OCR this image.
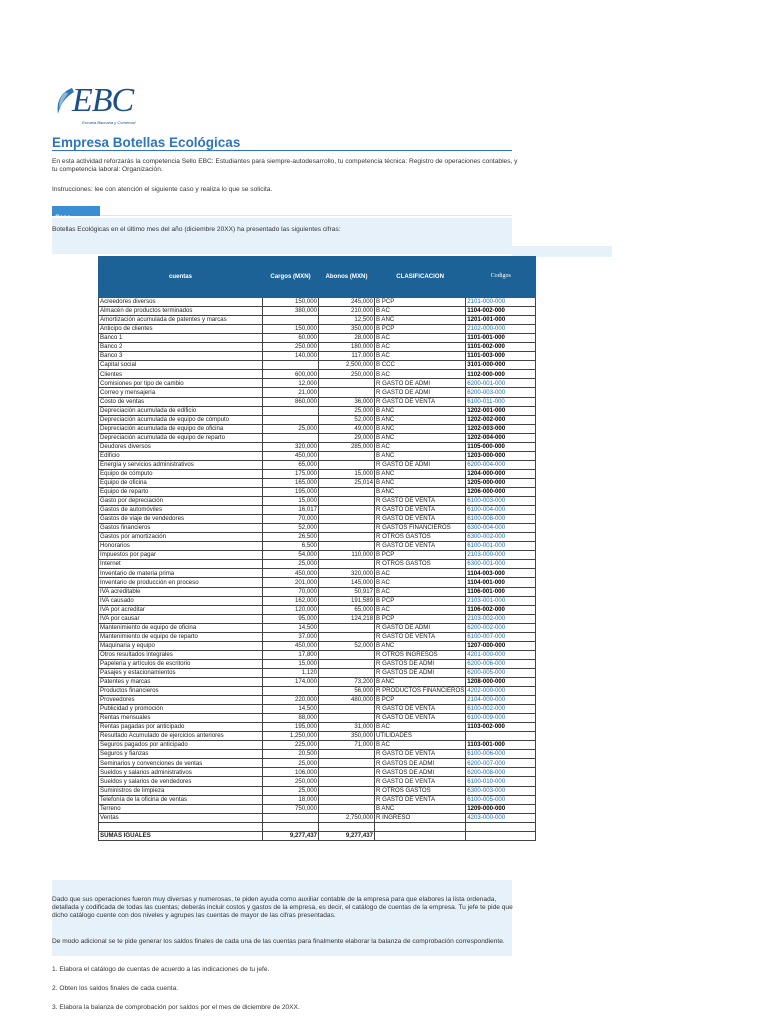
EBC
Escuela Bancaria y Comercial
Empresa Botellas Ecológicas
En esta actividad reforzarás la competencia Sello EBC: Estudiantes para siempre-autodesarrollo, tu competencia técnica: Registro de operaciones contables, y tu competencia laboral: Organización.
Instrucciones: lee con atención el siguiente caso y realiza lo que se solicita.
Botellas Ecológicas en el último mes del año (diciembre 20XX) ha presentado las siguientes cifras:
cuentas	Cargos (MXN)	Abonos (MXN)	CLASIFICACION	Codigos
Acreedores diversos	150,000	245,000	B PCP	2101-000-000
Almacén de productos terminados	380,000	210,000	B AC	1104-002-000
Amortización acumulada de patentes y marcas		12,500	B ANC	1201-001-000
Anticipo de clientes	150,000	350,000	B PCP	2102-000-000
Banco 1	60,000	28,000	B AC	1101-001-000
Banco 2	250,000	180,000	B AC	1101-002-000
Banco 3	140,000	117,000	B AC	1101-003-000
Capital social		2,500,000	B CCC	3101-000-000
Clientes	600,000	250,000	B AC	1102-000-000
Comisiones por tipo de cambio	12,000		R GASTO DE ADMI	6200-001-000
Correo y mensajería	21,000		R GASTO DE ADMI	6200-003-000
Costo de ventas	860,000	36,000	R GASTO DE VENTA	6100-011-000
Depreciación acumulada de edificio		25,000	B ANC	1202-001-000
Depreciación acumulada de equipo de cómputo		52,000	B ANC	1202-002-000
Depreciación acumulada de equipo de oficina	25,000	49,000	B ANC	1202-003-000
Depreciación acumulada de equipo de reparto		29,000	B ANC	1202-004-000
Deudores diversos	320,000	285,000	B AC	1105-000-000
Edificio	450,000		B ANC	1203-000-000
Energía y servicios administrativos	65,000		R GASTO DE ADMI	6200-004-000
Equipo de cómputo	175,000	15,000	B ANC	1204-000-000
Equipo de oficina	165,000	25,014	B ANC	1205-000-000
Equipo de reparto	195,000		B ANC	1206-000-000
Gasto por depreciación	15,000		R GASTO DE VENTA	6100-003-000
Gastos de automóviles	16,017		R GASTO DE VENTA	6100-004-000
Gastos de viaje de vendedores	70,000		R GASTO DE VENTA	6100-008-000
Gastos financieros	52,000		R GASTOS FINANCIEROS	6300-004-000
Gastos por amortización	26,500		R OTROS GASTOS	6300-002-000
Honorarios	6,500		R GASTO DE VENTA	6100-001-000
Impuestos por pagar	54,000	110,000	B PCP	2103-000-000
Internet	25,000		R OTROS GASTOS	6300-001-000
Inventario de materia prima	450,000	320,000	B AC	1104-003-000
Inventario de producción en proceso	201,000	145,000	B AC	1104-001-000
IVA acreditable	70,000	50,917	B AC	1106-001-000
IVA causado	162,000	191,589	B PCP	2103-001-000
IVA por acreditar	120,000	65,000	B AC	1106-002-000
IVA por causar	95,000	124,218	B PCP	2103-002-000
Mantenimiento de equipo de oficina	14,500		R GASTO DE ADMI	6200-002-000
Mantenimiento de equipo de reparto	37,000		R GASTO DE VENTA	6100-007-000
Maquinaria y equipo	450,000	52,000	B ANC	1207-000-000
Otros resultados integrales	17,800		R OTROS INGRESOS	4201-000-000
Papelería y artículos de escritorio	15,000		R GASTOS DE ADMI	6200-006-000
Pasajes y estacionamientos	1,120		R GASTOS DE ADMI	6200-005-000
Patentes y marcas	174,000	73,200	B ANC	1208-000-000
Productos financieros		56,000	R PRODUCTOS FINANCIEROS	4202-000-000
Proveedores	220,000	480,000	B PCP	2104-000-000
Publicidad y promoción	14,500		R GASTO DE VENTA	6100-002-000
Rentas mensuales	88,000		R GASTO DE VENTA	6100-009-000
Rentas pagadas por anticipado	195,000	31,000	B AC	1103-002-000
Resultado Acumulado de ejercicios anteriores	1,250,000	350,000	UTILIDADES	
Seguros pagados por anticipado	225,000	71,000	B AC	1103-001-000
Seguros y fianzas	20,500		R GASTO DE VENTA	6100-006-000
Seminarios y convenciones de ventas	25,000		R GASTOS DE ADMI	6200-007-000
Sueldos y salarios administrativos	106,000		R GASTOS DE ADMI	6200-008-000
Sueldos y salarios de vendedores	250,000		R GASTO DE VENTA	6100-010-000
Suministros de limpieza	25,000		R OTROS GASTOS	6300-003-000
Telefonía de la oficina de ventas	18,000		R GASTO DE VENTA	6100-005-000
Terreno	750,000		B ANC	1209-000-000
Ventas		2,750,000	R INGRESO	4203-000-000

SUMAS IGUALES	9,277,437	9,277,437		
Dado que sus operaciones fueron muy diversas y numerosas, te piden ayuda como auxiliar contable de la empresa para que elabores la lista ordenada, detallada y codificada de todas las cuentas; deberás incluir costos y gastos de la empresa, es decir, el catálogo de cuentas de la empresa. Tu jefe te pide que dicho catálogo cuente con dos niveles y agrupes las cuentas de mayor de las cifras presentadas.
De modo adicional se te pide generar los saldos finales de cada una de las cuentas para finalmente elaborar la balanza de comprobación correspondiente.
1. Elabora el catálogo de cuentas de acuerdo a las indicaciones de tu jefe.
2. Obten los saldos finales de cada cuenta.
3. Elabora la balanza de comprobación por saldos por el mes de diciembre de 20XX.
